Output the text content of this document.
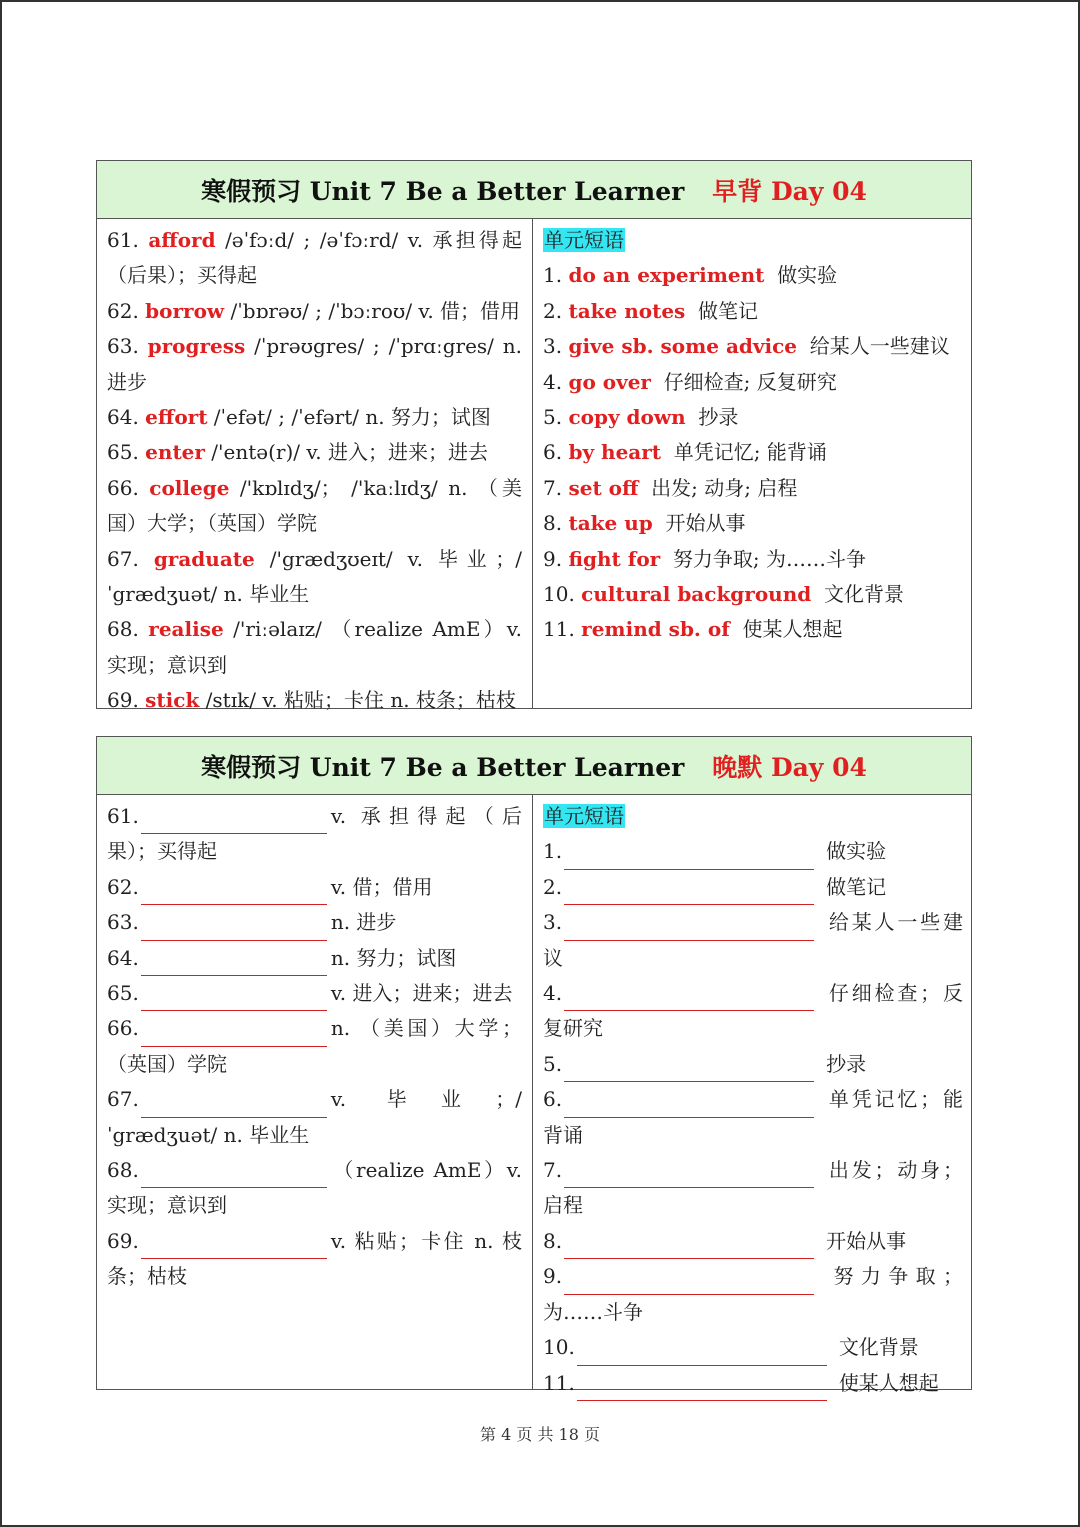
寒假预习 Unit 7 Be a Better Learner 早背 Day 04
61. afford /əˈfɔːd/ ; /əˈfɔːrd/ v. 承担得起（后果）；买得起
62. borrow /ˈbɒrəʊ/ ; /ˈbɔːroʊ/ v. 借；借用
63. progress /ˈprəʊgres/ ; /ˈprɑːgres/ n. 进步
64. effort /ˈefət/ ; /ˈefərt/ n. 努力；试图
65. enter /'entə(r)/ v. 进入；进来；进去
66. college /'kɒlɪdʒ/； /'kaːlɪdʒ/ n. （美国）大学；（英国）学院
67. graduate /'grædʒʊeɪt/ v. 毕业；/ˈgrædʒuət/ n. 毕业生
68. realise /'riːəlaɪz/ （realize AmE）v. 实现；意识到
69. stick /stɪk/ v. 粘贴；卡住 n. 枝条；枯枝
单元短语
1. do an experiment 做实验
2. take notes 做笔记
3. give sb. some advice 给某人一些建议
4. go over 仔细检查; 反复研究
5. copy down 抄录
6. by heart 单凭记忆; 能背诵
7. set off 出发; 动身; 启程
8. take up 开始从事
9. fight for 努力争取; 为……斗争
10. cultural background 文化背景
11. remind sb. of 使某人想起
寒假预习 Unit 7 Be a Better Learner 晚默 Day 04
61.	v. 承担得起（后果）；买得起
62.	v. 借；借用
63.	n. 进步
64.	n. 努力；试图
65.	v. 进入；进来；进去
66.	n. （美国）大学；（英国）学院
67.	v. 毕业；/ˈgrædʒuət/ n. 毕业生
68.	（realize AmE）v. 实现；意识到
69.	v. 粘贴；卡住 n. 枝条；枯枝
单元短语
1.	做实验
2.	做笔记
3.	给某人一些建议
4.	仔细检查；反复研究
5.	抄录
6.	单凭记忆；能背诵
7.	出发；动身；启程
8.	开始从事
9.	努力争取；为……斗争
10.	文化背景
11.	使某人想起
第 4 页 共 18 页
